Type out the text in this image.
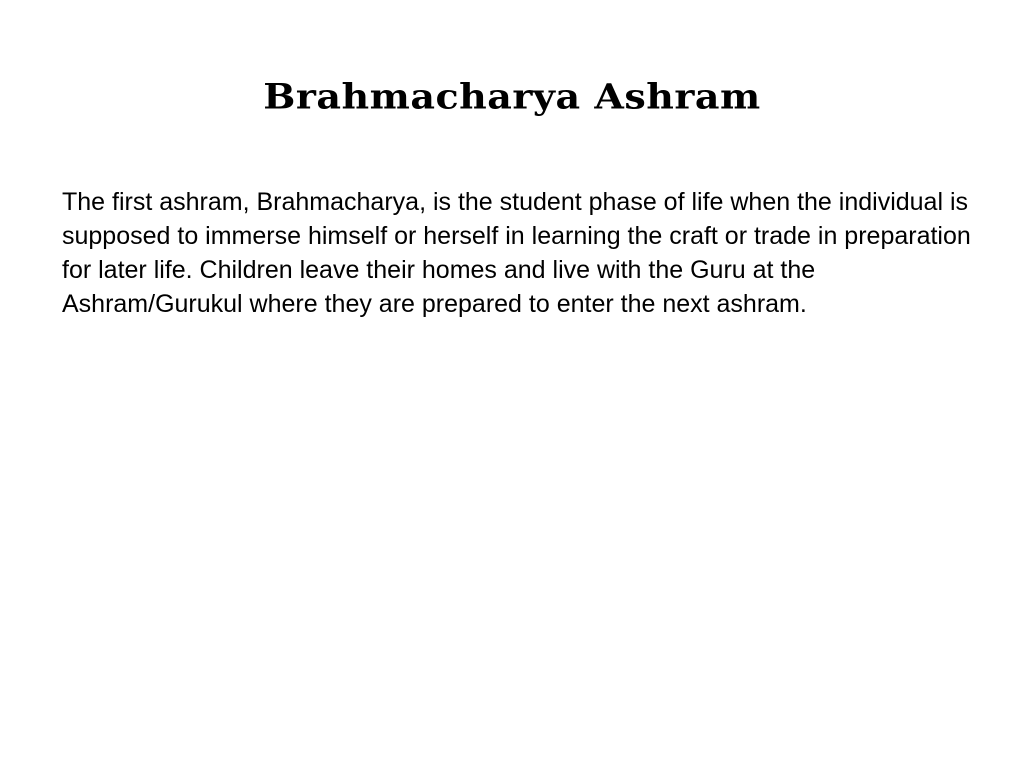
Brahmacharya Ashram

The first ashram, Brahmacharya, is the student phase of life when the individual is supposed to immerse himself or herself in learning the craft or trade in preparation for later life. Children leave their homes and live with the Guru at the Ashram/Gurukul where they are prepared to enter the next ashram.
